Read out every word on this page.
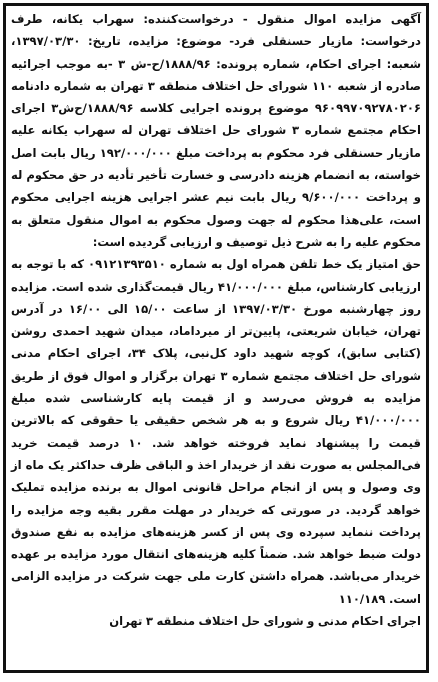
آگهی مزایده اموال منقول - درخواست‌کننده: سهراب یکانه، طرف درخواست: مازیار حسنقلی فرد- موضوع: مزایده، تاریخ: ۱۳۹۷/۰۳/۳۰، شعبه: اجرای احکام، شماره پرونده: ۱۸۸۸/۹۶/ح-ش ۳ -به موجب اجرائیه صادره از شعبه ۱۱۰ شورای حل اختلاف منطقه ۳ تهران به شماره دادنامه ۹۶۰۹۹۷۰۹۲۷۸۰۲۰۶ موضوع پرونده اجرایی کلاسه ۱۸۸۸/۹۶/ح‌ش۳ اجرای احکام مجتمع شماره ۳ شورای حل اختلاف تهران له سهراب یکانه علیه مازیار حسنقلی فرد محکوم به پرداخت مبلغ ۱۹۲/۰۰۰/۰۰۰ ریال بابت اصل خواسته، به انضمام هزینه دادرسی و خسارت تأخیر تأدیه در حق محکوم له و پرداخت ۹/۶۰۰/۰۰۰ ریال بابت نیم عشر اجرایی هزینه اجرایی محکوم است، علی‌هذا محکوم له جهت وصول محکوم به اموال منقول متعلق به محکوم علیه را به شرح ذیل توصیف و ارزیابی گردیده است:

حق امتیاز یک خط تلفن همراه اول به شماره ۰۹۱۲۱۳۹۳۵۱۰ که با توجه به ارزیابی کارشناس، مبلغ ۴۱/۰۰۰/۰۰۰ ریال قیمت‌گذاری شده است. مزایده روز چهارشنبه مورخ ۱۳۹۷/۰۳/۳۰ از ساعت ۱۵/۰۰ الی ۱۶/۰۰ در آدرس تهران، خیابان شریعتی، پایین‌تر از میرداماد، میدان شهید احمدی روشن (کتابی سابق)، کوچه شهید داود کل‌نبی، پلاک ۳۴، اجرای احکام مدنی شورای حل اختلاف مجتمع شماره ۳ تهران برگزار و اموال فوق از طریق مزایده به فروش می‌رسد و از قیمت پایه کارشناسی شده مبلغ ۴۱/۰۰۰/۰۰۰ ریال شروع و به هر شخص حقیقی یا حقوقی که بالاترین قیمت را پیشنهاد نماید فروخته خواهد شد. ۱۰ درصد قیمت خرید فی‌المجلس به صورت نقد از خریدار اخذ و الباقی ظرف حداکثر یک ماه از وی وصول و پس از انجام مراحل قانونی اموال به برنده مزایده تملیک خواهد گردید. در صورتی که خریدار در مهلت مقرر بقیه وجه مزایده را پرداخت ننماید سپرده وی پس از کسر هزینه‌های مزایده به نفع صندوق دولت ضبط خواهد شد. ضمناً کلیه هزینه‌های انتقال مورد مزایده بر عهده خریدار می‌باشد. همراه داشتن کارت ملی جهت شرکت در مزایده الزامی است. ۱۱۰/۱۸۹

اجرای احکام مدنی و شورای حل اختلاف منطقه ۳ تهران
